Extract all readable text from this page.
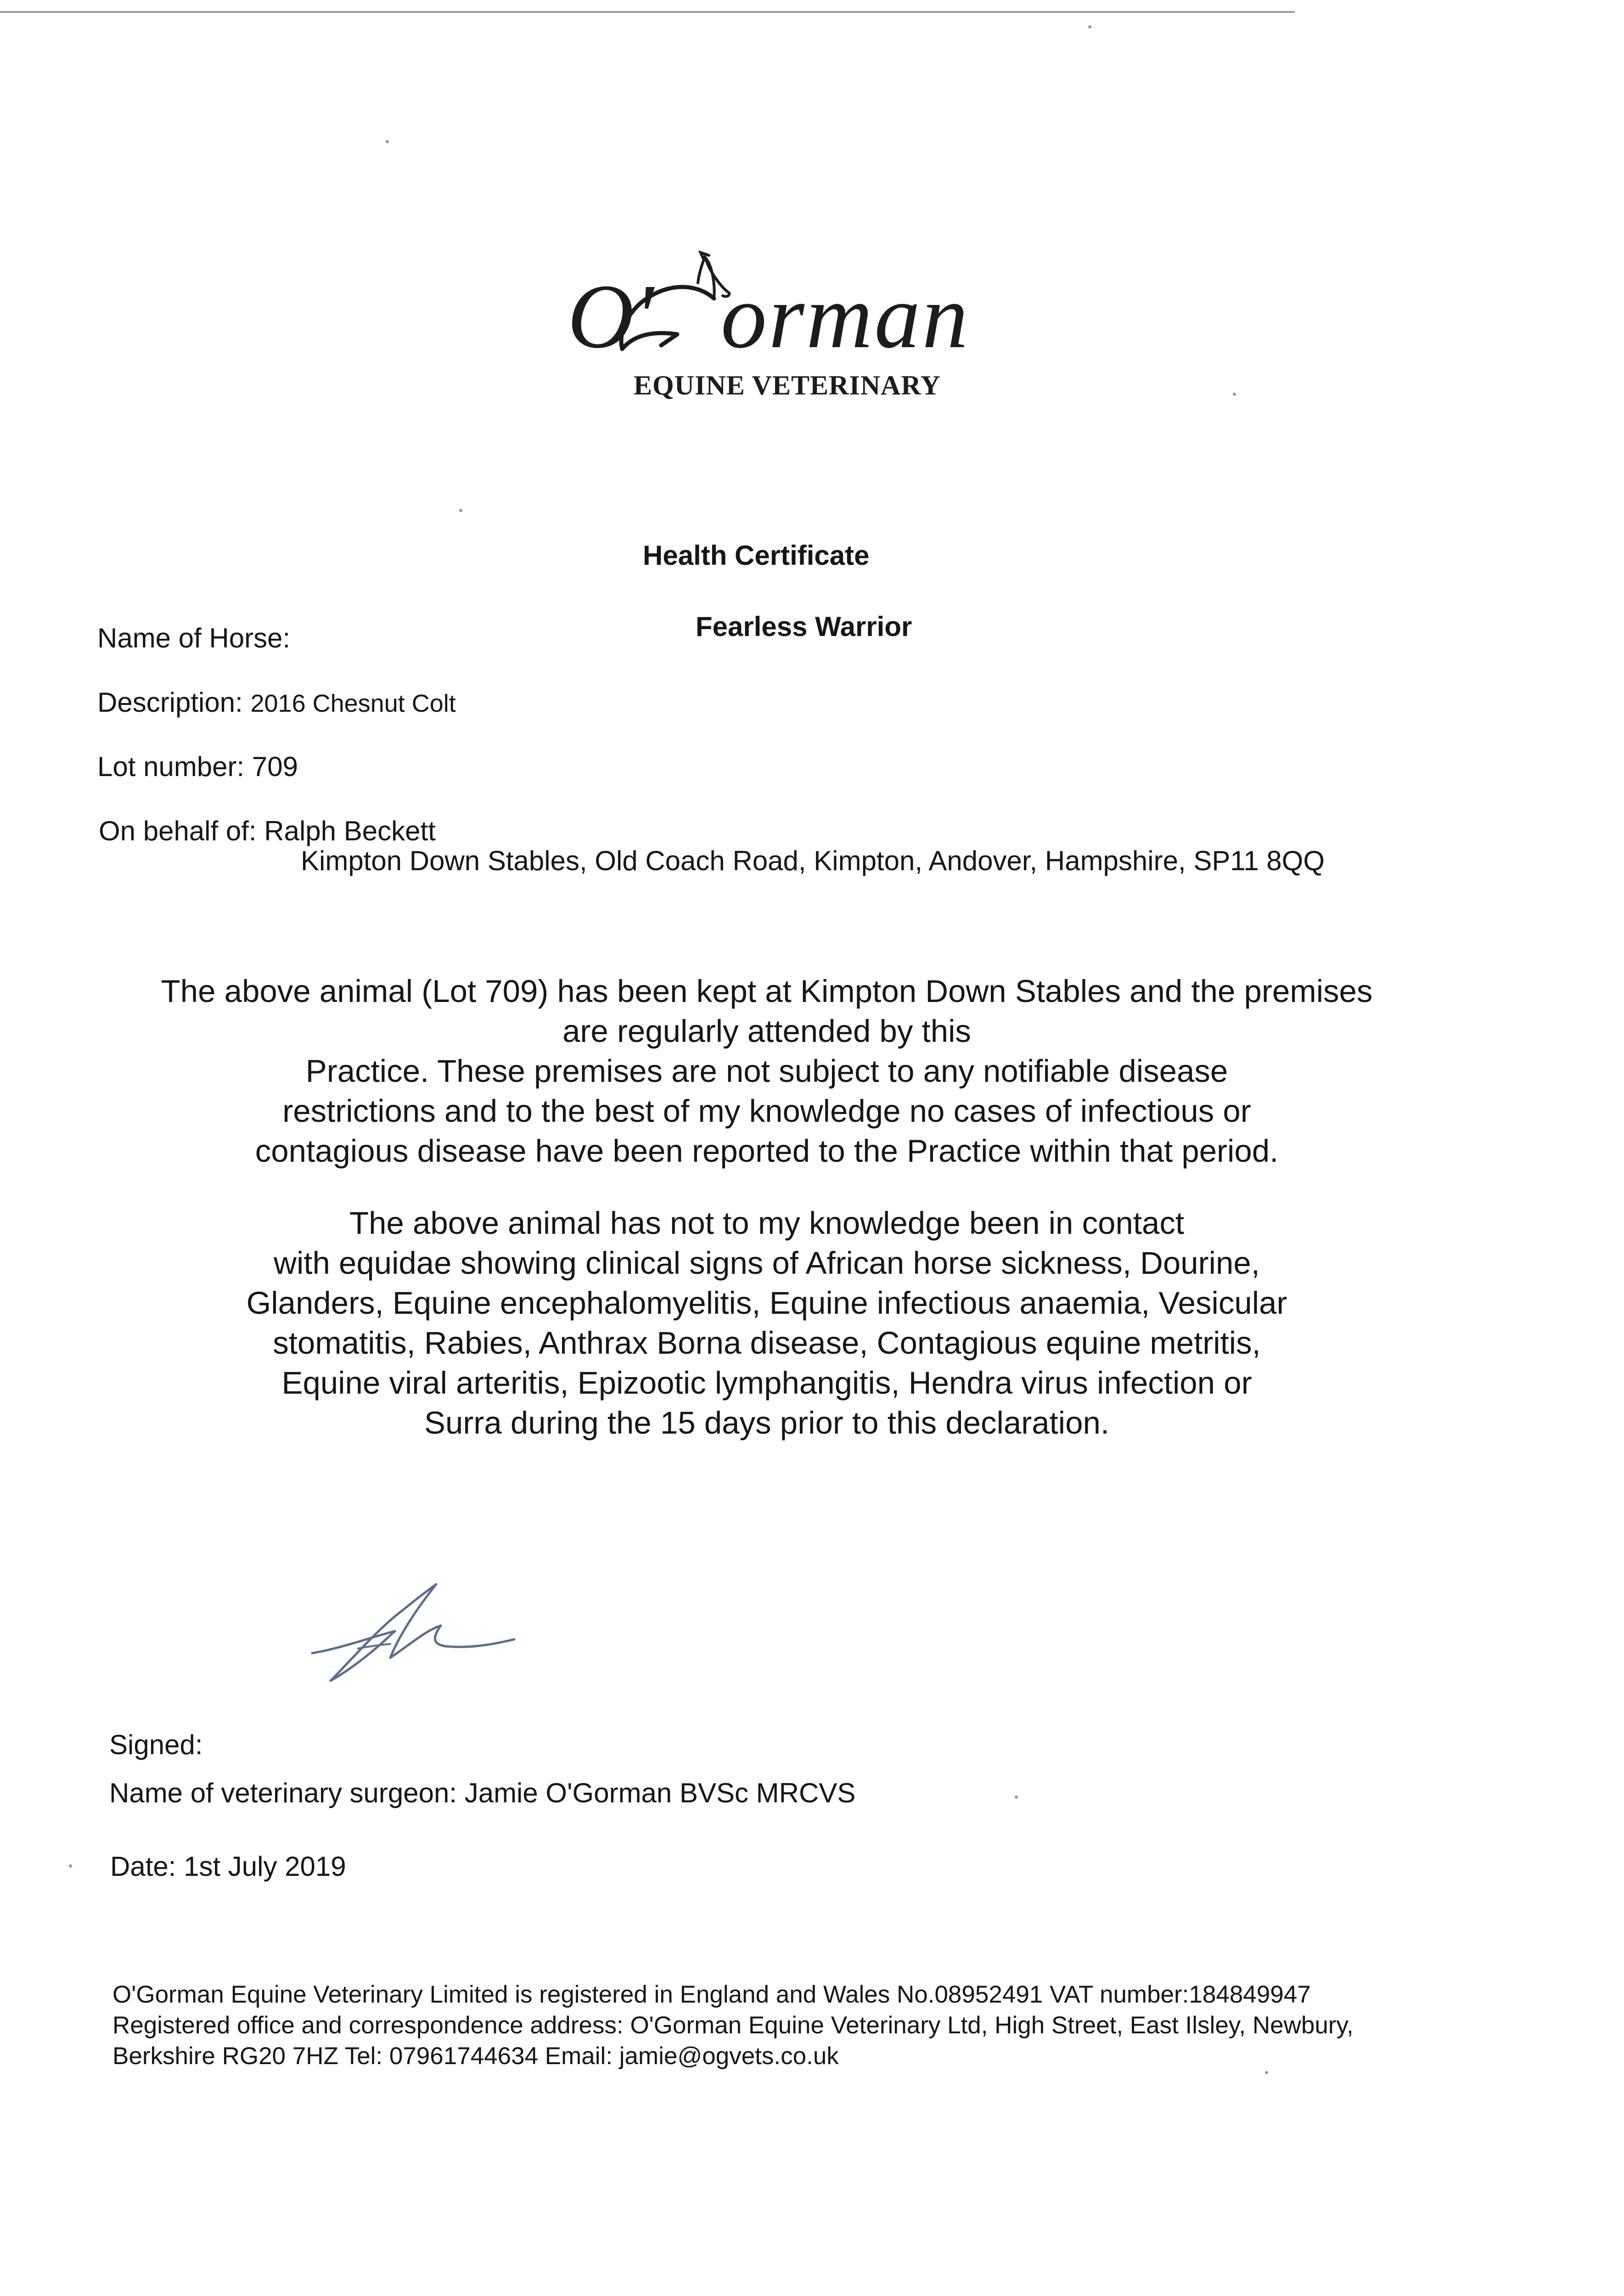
O' orman
EQUINE VETERINARY
Health Certificate
Name of Horse:	Fearless Warrior
Description: 2016 Chesnut Colt
Lot number: 709
On behalf of: Ralph Beckett
Kimpton Down Stables, Old Coach Road, Kimpton, Andover, Hampshire, SP11 8QQ
The above animal (Lot 709) has been kept at Kimpton Down Stables and the premises
are regularly attended by this
Practice. These premises are not subject to any notifiable disease
restrictions and to the best of my knowledge no cases of infectious or
contagious disease have been reported to the Practice within that period.
The above animal has not to my knowledge been in contact
with equidae showing clinical signs of African horse sickness, Dourine,
Glanders, Equine encephalomyelitis, Equine infectious anaemia, Vesicular
stomatitis, Rabies, Anthrax Borna disease, Contagious equine metritis,
Equine viral arteritis, Epizootic lymphangitis, Hendra virus infection or
Surra during the 15 days prior to this declaration.
Signed:
Name of veterinary surgeon: Jamie O'Gorman BVSc MRCVS
Date: 1st July 2019
O'Gorman Equine Veterinary Limited is registered in England and Wales No.08952491 VAT number:184849947
Registered office and correspondence address: O'Gorman Equine Veterinary Ltd, High Street, East Ilsley, Newbury,
Berkshire RG20 7HZ Tel: 07961744634 Email: jamie@ogvets.co.uk
